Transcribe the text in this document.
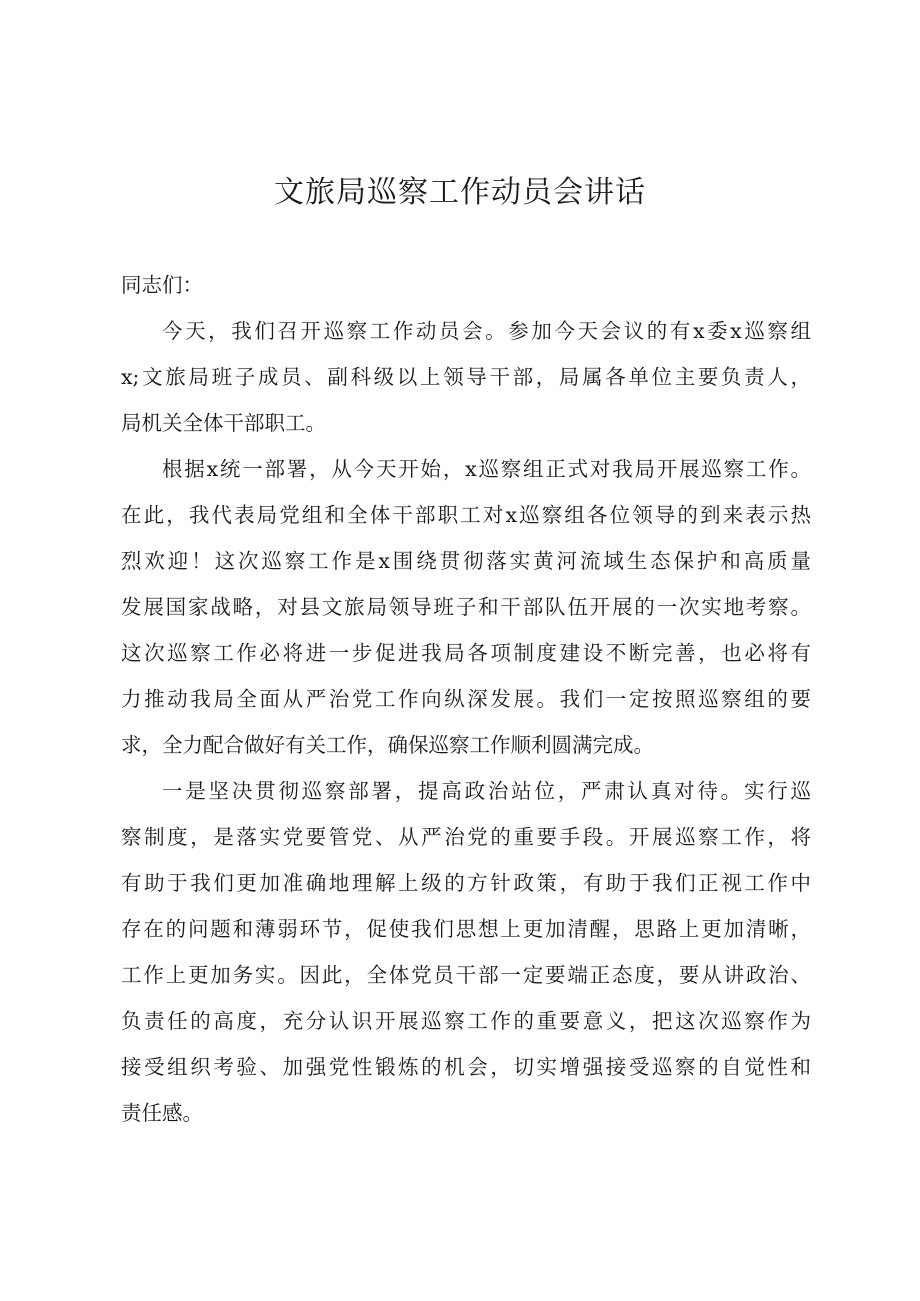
文旅局巡察工作动员会讲话

同志们：

今天，我们召开巡察工作动员会。参加今天会议的有x委x巡察组
x;文旅局班子成员、副科级以上领导干部，局属各单位主要负责人，
局机关全体干部职工。

根据x统一部署，从今天开始，x巡察组正式对我局开展巡察工作。
在此，我代表局党组和全体干部职工对x巡察组各位领导的到来表示热
烈欢迎！这次巡察工作是x围绕贯彻落实黄河流域生态保护和高质量
发展国家战略，对县文旅局领导班子和干部队伍开展的一次实地考察。
这次巡察工作必将进一步促进我局各项制度建设不断完善，也必将有
力推动我局全面从严治党工作向纵深发展。我们一定按照巡察组的要
求，全力配合做好有关工作，确保巡察工作顺利圆满完成。

一是坚决贯彻巡察部署，提高政治站位，严肃认真对待。实行巡
察制度，是落实党要管党、从严治党的重要手段。开展巡察工作，将
有助于我们更加准确地理解上级的方针政策，有助于我们正视工作中
存在的问题和薄弱环节，促使我们思想上更加清醒，思路上更加清晰，
工作上更加务实。因此，全体党员干部一定要端正态度，要从讲政治、
负责任的高度，充分认识开展巡察工作的重要意义，把这次巡察作为
接受组织考验、加强党性锻炼的机会，切实增强接受巡察的自觉性和
责任感。
